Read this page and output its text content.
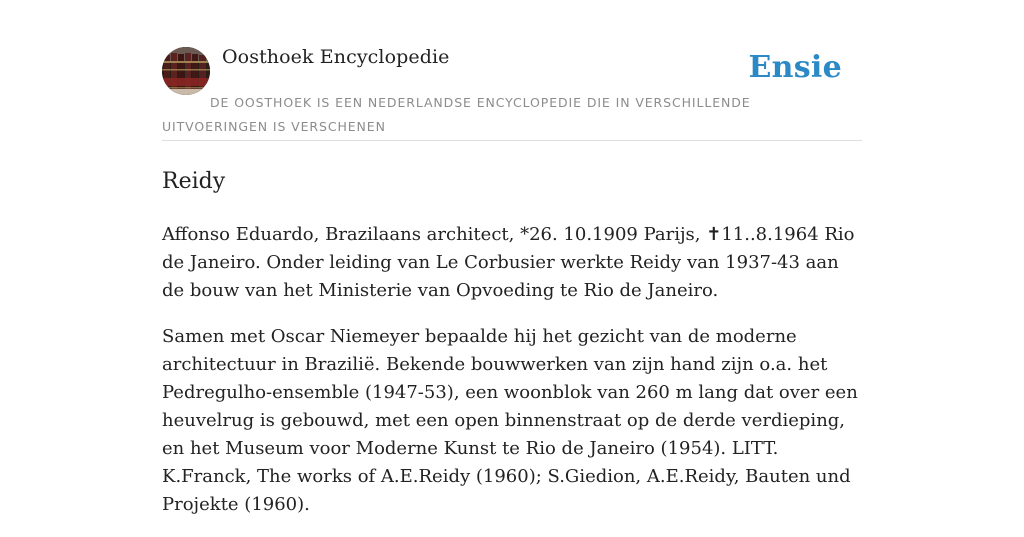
Oosthoek Encyclopedie	Ensie
DE OOSTHOEK IS EEN NEDERLANDSE ENCYCLOPEDIE DIE IN VERSCHILLENDE UITVOERINGEN IS VERSCHENEN
Reidy

Affonso Eduardo, Brazilaans architect, *26. 10.1909 Parijs, ✝11..8.1964 Rio de Janeiro. Onder leiding van Le Corbusier werkte Reidy van 1937-43 aan de bouw van het Ministerie van Opvoeding te Rio de Janeiro.

Samen met Oscar Niemeyer bepaalde hij het gezicht van de moderne architectuur in Brazilië. Bekende bouwwerken van zijn hand zijn o.a. het Pedregulho-ensemble (1947-53), een woonblok van 260 m lang dat over een heuvelrug is gebouwd, met een open binnenstraat op de derde verdieping, en het Museum voor Moderne Kunst te Rio de Janeiro (1954). LITT. K.Franck, The works of A.E.Reidy (1960); S.Giedion, A.E.Reidy, Bauten und Projekte (1960).
